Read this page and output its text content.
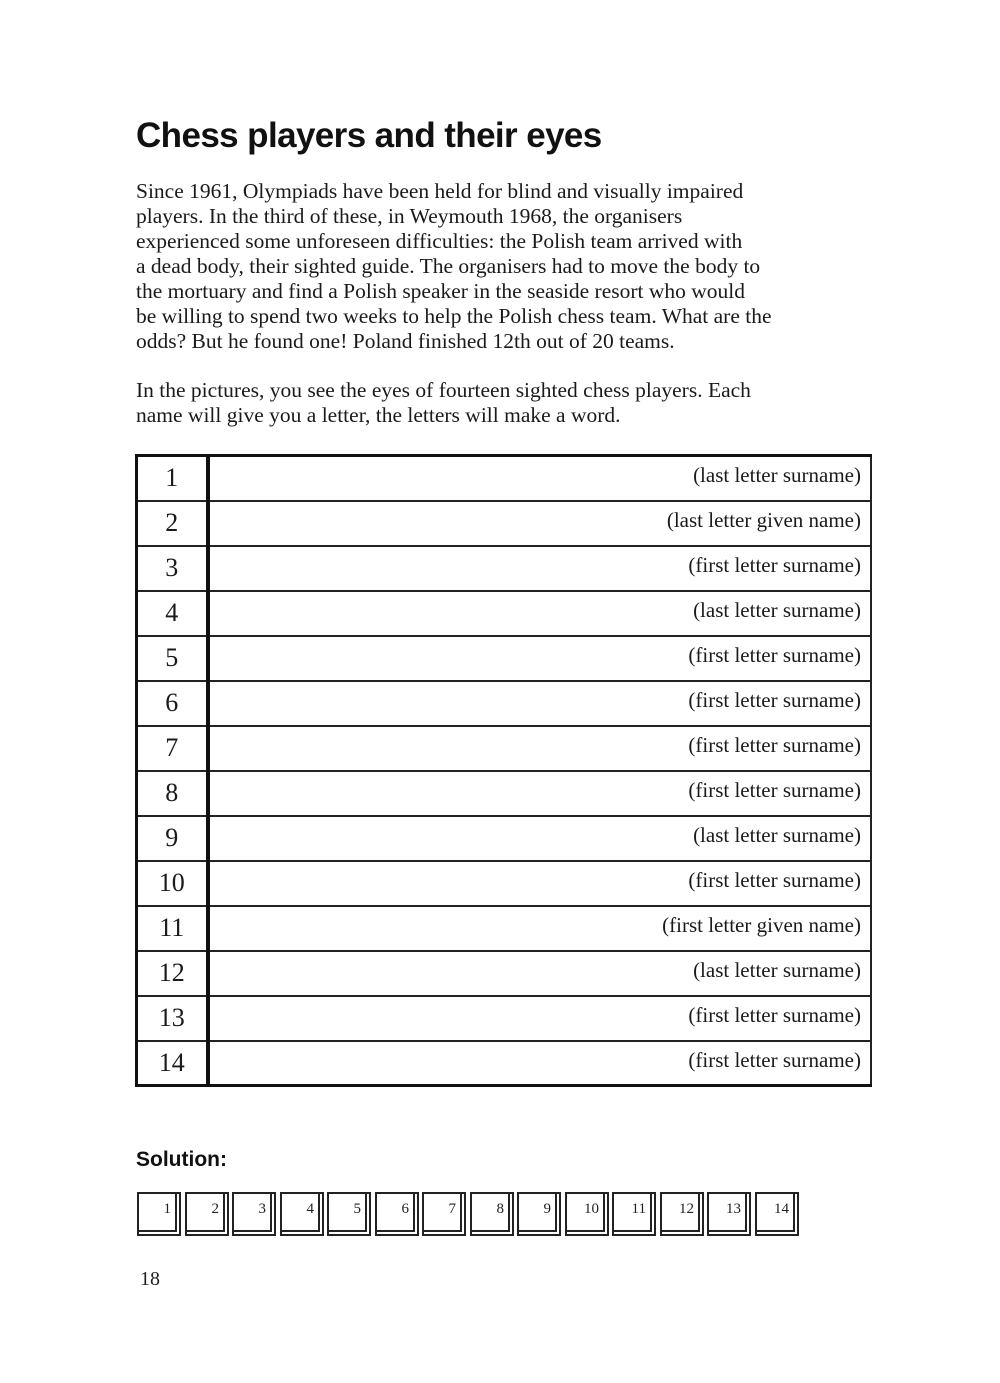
Chess players and their eyes

Since 1961, Olympiads have been held for blind and visually impaired
players. In the third of these, in Weymouth 1968, the organisers
experienced some unforeseen difficulties: the Polish team arrived with
a dead body, their sighted guide. The organisers had to move the body to
the mortuary and find a Polish speaker in the seaside resort who would
be willing to spend two weeks to help the Polish chess team. What are the
odds? But he found one! Poland finished 12th out of 20 teams.

In the pictures, you see the eyes of fourteen sighted chess players. Each
name will give you a letter, the letters will make a word.

1	(last letter surname)
2	(last letter given name)
3	(first letter surname)
4	(last letter surname)
5	(first letter surname)
6	(first letter surname)
7	(first letter surname)
8	(first letter surname)
9	(last letter surname)
10	(first letter surname)
11	(first letter given name)
12	(last letter surname)
13	(first letter surname)
14	(first letter surname)

Solution:

1	2	3	4	5	6	7	8	9 10 11 12 13 14

18
